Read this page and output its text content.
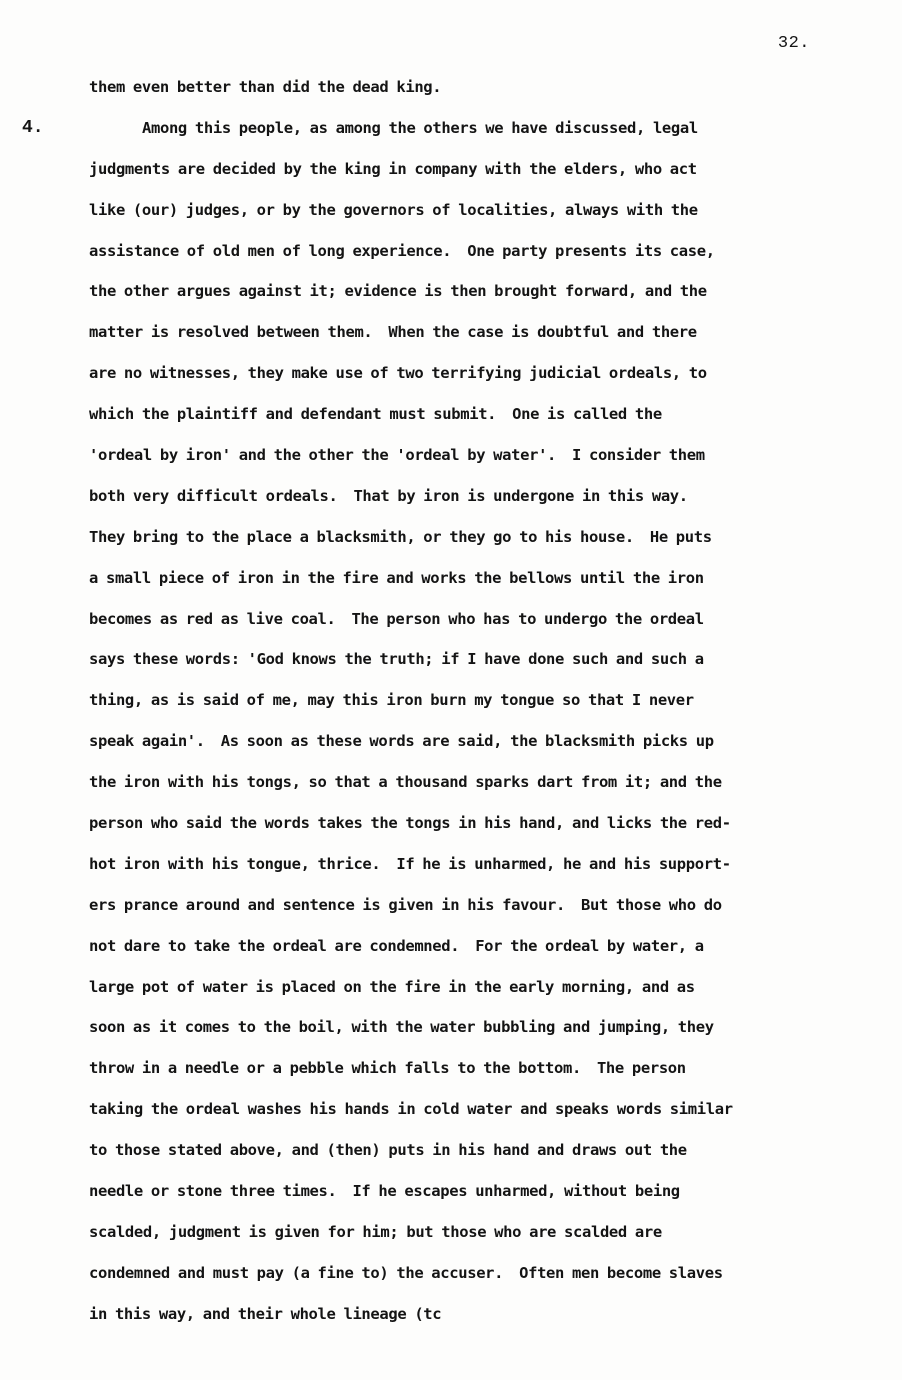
32.
4.
them even better than did the dead king.
Among this people, as among the others we have discussed, legal
judgments are decided by the king in company with the elders, who act
like (our) judges, or by the governors of localities, always with the
assistance of old men of long experience.  One party presents its case,
the other argues against it; evidence is then brought forward, and the
matter is resolved between them.  When the case is doubtful and there
are no witnesses, they make use of two terrifying judicial ordeals, to
which the plaintiff and defendant must submit.  One is called the
'ordeal by iron' and the other the 'ordeal by water'.  I consider them
both very difficult ordeals.  That by iron is undergone in this way.
They bring to the place a blacksmith, or they go to his house.  He puts
a small piece of iron in the fire and works the bellows until the iron
becomes as red as live coal.  The person who has to undergo the ordeal
says these words: 'God knows the truth; if I have done such and such a
thing, as is said of me, may this iron burn my tongue so that I never
speak again'.  As soon as these words are said, the blacksmith picks up
the iron with his tongs, so that a thousand sparks dart from it; and the
person who said the words takes the tongs in his hand, and licks the red-
hot iron with his tongue, thrice.  If he is unharmed, he and his support-
ers prance around and sentence is given in his favour.  But those who do
not dare to take the ordeal are condemned.  For the ordeal by water, a
large pot of water is placed on the fire in the early morning, and as
soon as it comes to the boil, with the water bubbling and jumping, they
throw in a needle or a pebble which falls to the bottom.  The person
taking the ordeal washes his hands in cold water and speaks words similar
to those stated above, and (then) puts in his hand and draws out the
needle or stone three times.  If he escapes unharmed, without being
scalded, judgment is given for him; but those who are scalded are
condemned and must pay (a fine to) the accuser.  Often men become slaves
in this way, and their whole lineage (tc
